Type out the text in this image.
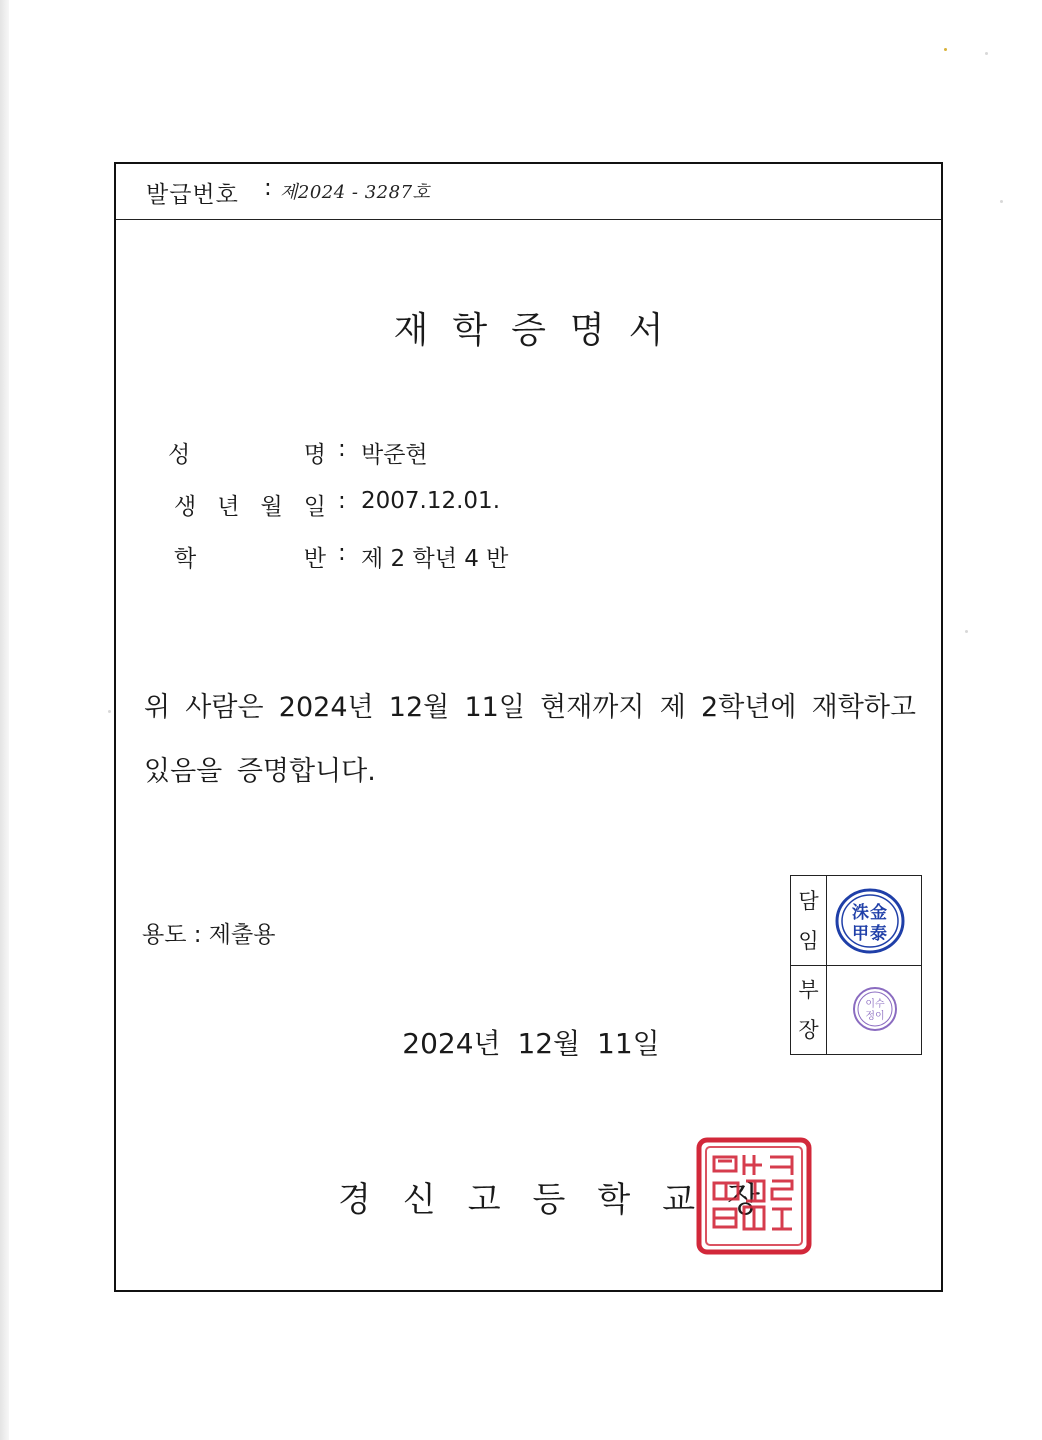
발급번호 : 제2024 - 3287호
재학증명서
성	명 : 박준현
생 년 월 일 : 2007.12.01.
학	반 : 제 2 학년 4 반
위 사람은 2024년 12월 11일 현재까지 제 2학년에 재학하고 있음을 증명합니다.
용도 : 제출용
담
임
洙金
甲泰
부
장
이수
정이
2024년 12월 11일
경신고등학교장
